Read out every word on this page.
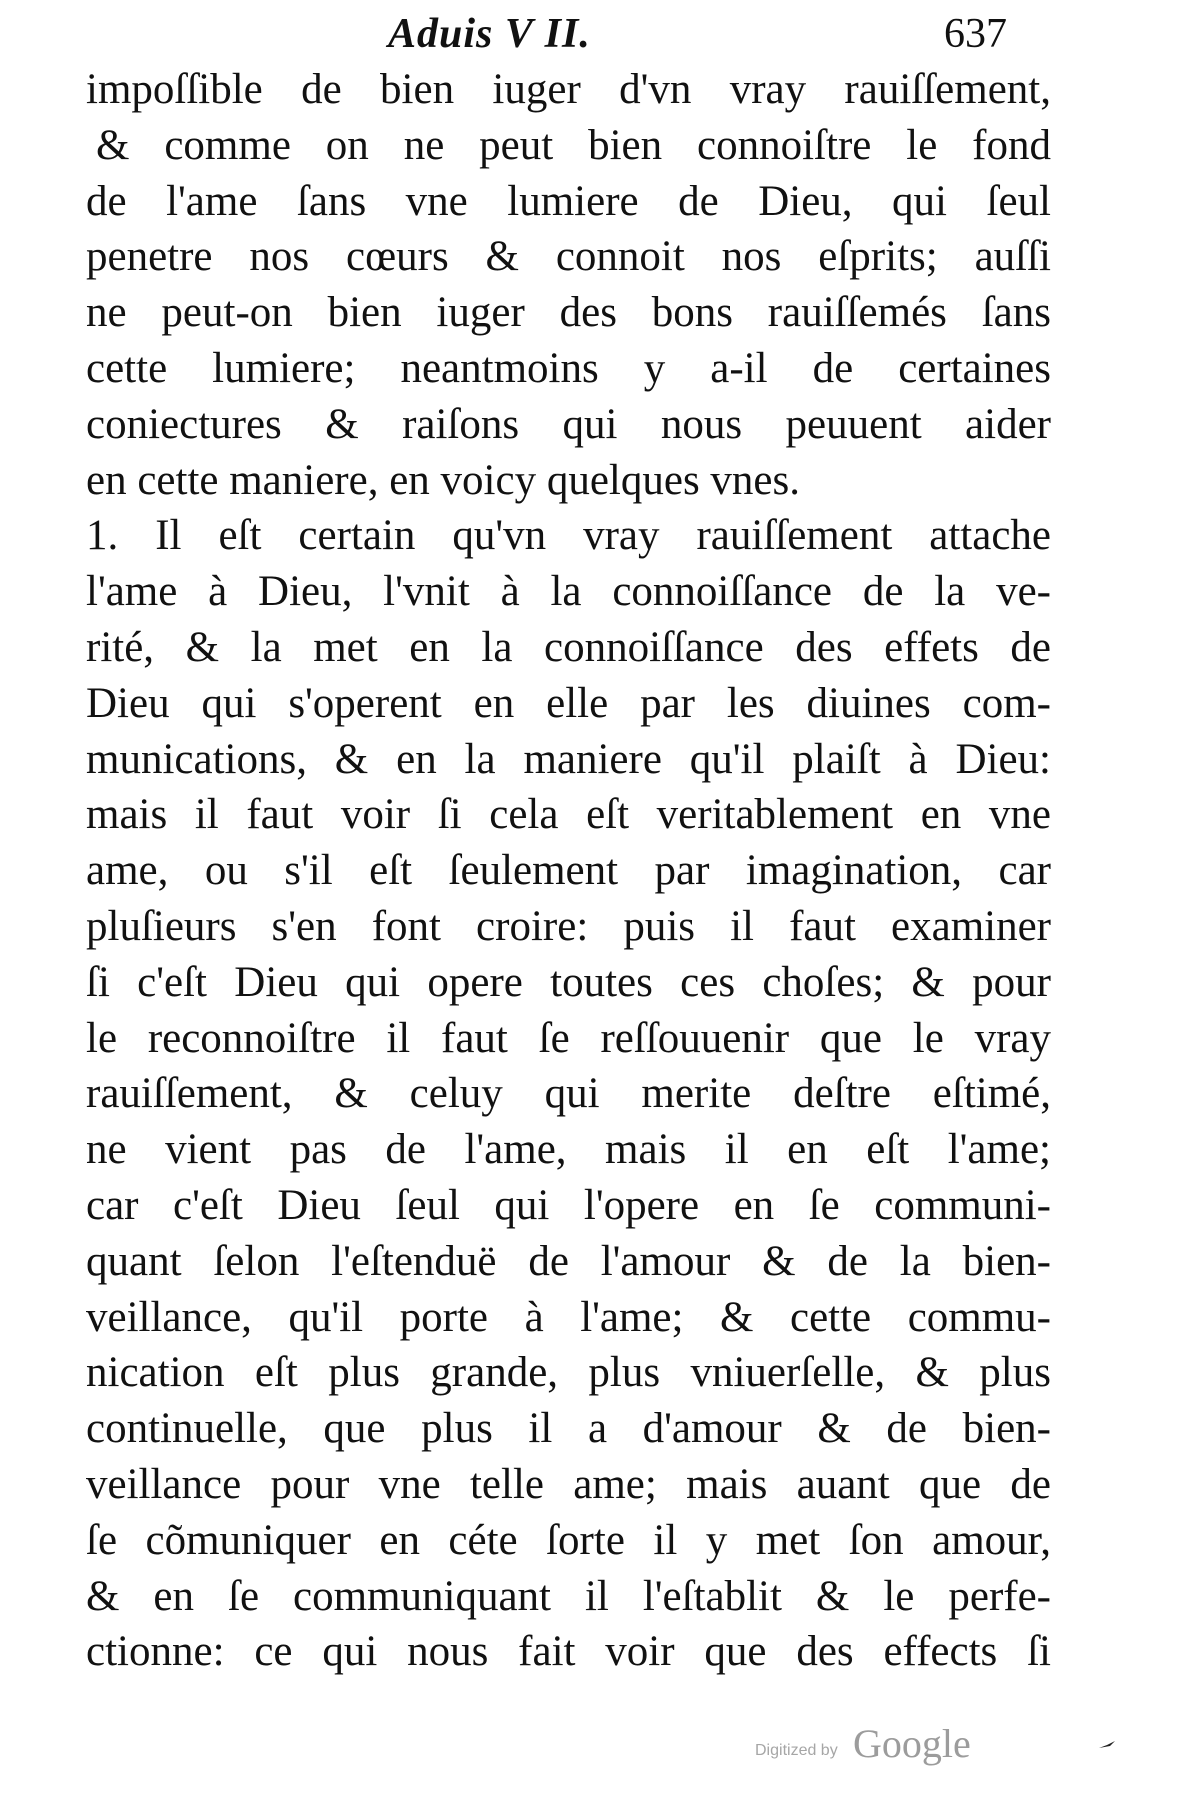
Aduis V II.	637
impoſſible de bien iuger d'vn vray rauiſſement,
& comme on ne peut bien connoiſtre le fond
de l'ame ſans vne lumiere de Dieu, qui ſeul
penetre nos cœurs & connoit nos eſprits; auſſi
ne peut-on bien iuger des bons rauiſſemés ſans
cette lumiere; neantmoins y a-il de certaines
coniectures & raiſons qui nous peuuent aider
en cette maniere, en voicy quelques vnes.
1. Il eſt certain qu'vn vray rauiſſement attache
l'ame à Dieu, l'vnit à la connoiſſance de la ve-
rité, & la met en la connoiſſance des effets de
Dieu qui s'operent en elle par les diuines com-
munications, & en la maniere qu'il plaiſt à Dieu:
mais il faut voir ſi cela eſt veritablement en vne
ame, ou s'il eſt ſeulement par imagination, car
pluſieurs s'en font croire: puis il faut examiner
ſi c'eſt Dieu qui opere toutes ces choſes; & pour
le reconnoiſtre il faut ſe reſſouuenir que le vray
rauiſſement, & celuy qui merite deſtre eſtimé,
ne vient pas de l'ame, mais il en eſt l'ame;
car c'eſt Dieu ſeul qui l'opere en ſe communi-
quant ſelon l'eſtenduë de l'amour & de la bien-
veillance, qu'il porte à l'ame; & cette commu-
nication eſt plus grande, plus vniuerſelle, & plus
continuelle, que plus il a d'amour & de bien-
veillance pour vne telle ame; mais auant que de
ſe cõmuniquer en céte ſorte il y met ſon amour,
& en ſe communiquant il l'eſtablit & le perfe-
ctionne: ce qui nous fait voir que des effects ſi
Digitized by Google
